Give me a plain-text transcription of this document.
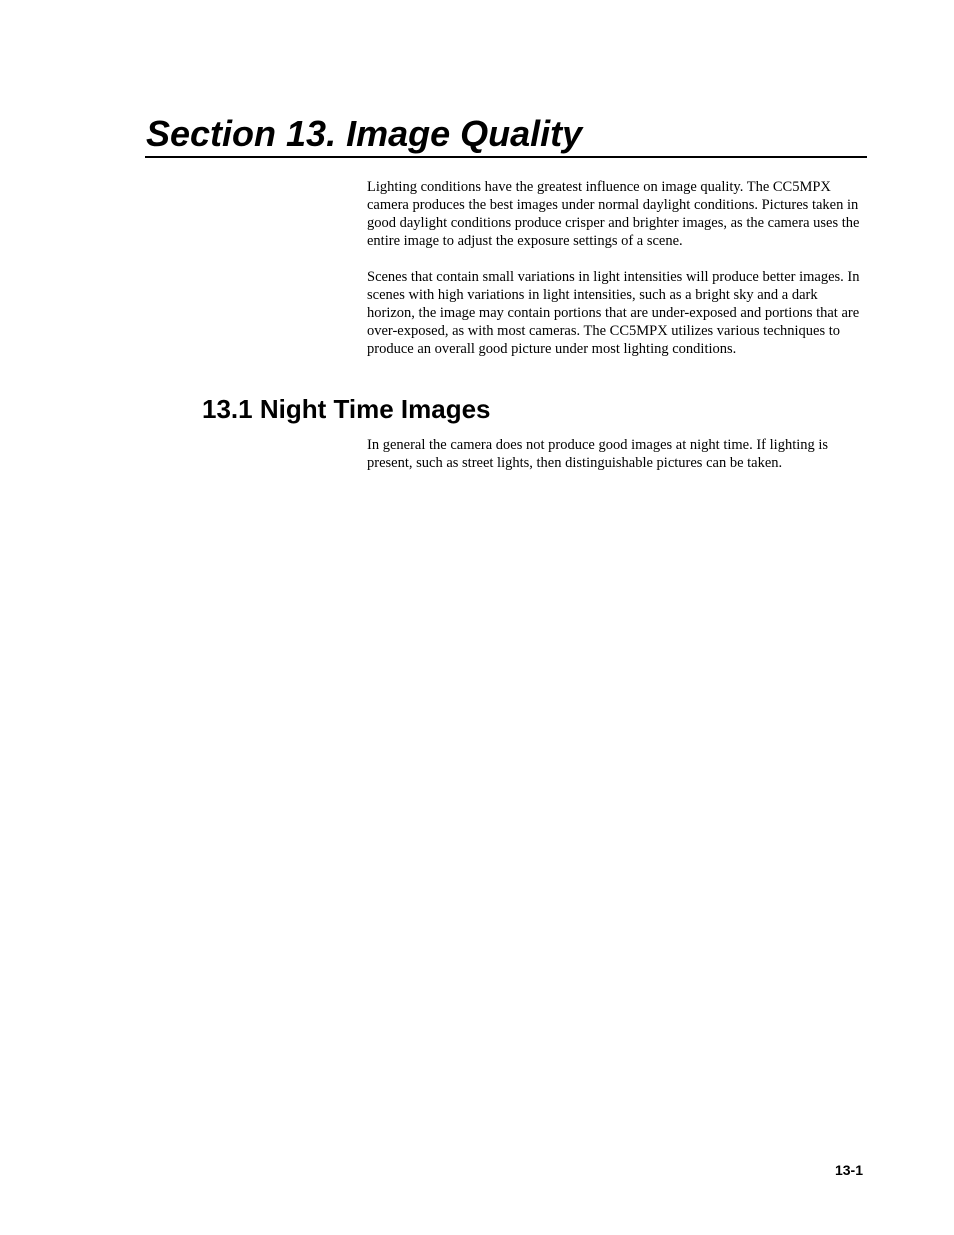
Section 13. Image Quality

Lighting conditions have the greatest influence on image quality. The CC5MPX camera produces the best images under normal daylight conditions. Pictures taken in good daylight conditions produce crisper and brighter images, as the camera uses the entire image to adjust the exposure settings of a scene.

Scenes that contain small variations in light intensities will produce better images. In scenes with high variations in light intensities, such as a bright sky and a dark horizon, the image may contain portions that are under-exposed and portions that are over-exposed, as with most cameras. The CC5MPX utilizes various techniques to produce an overall good picture under most lighting conditions.

13.1 Night Time Images

In general the camera does not produce good images at night time. If lighting is present, such as street lights, then distinguishable pictures can be taken.

13-1
